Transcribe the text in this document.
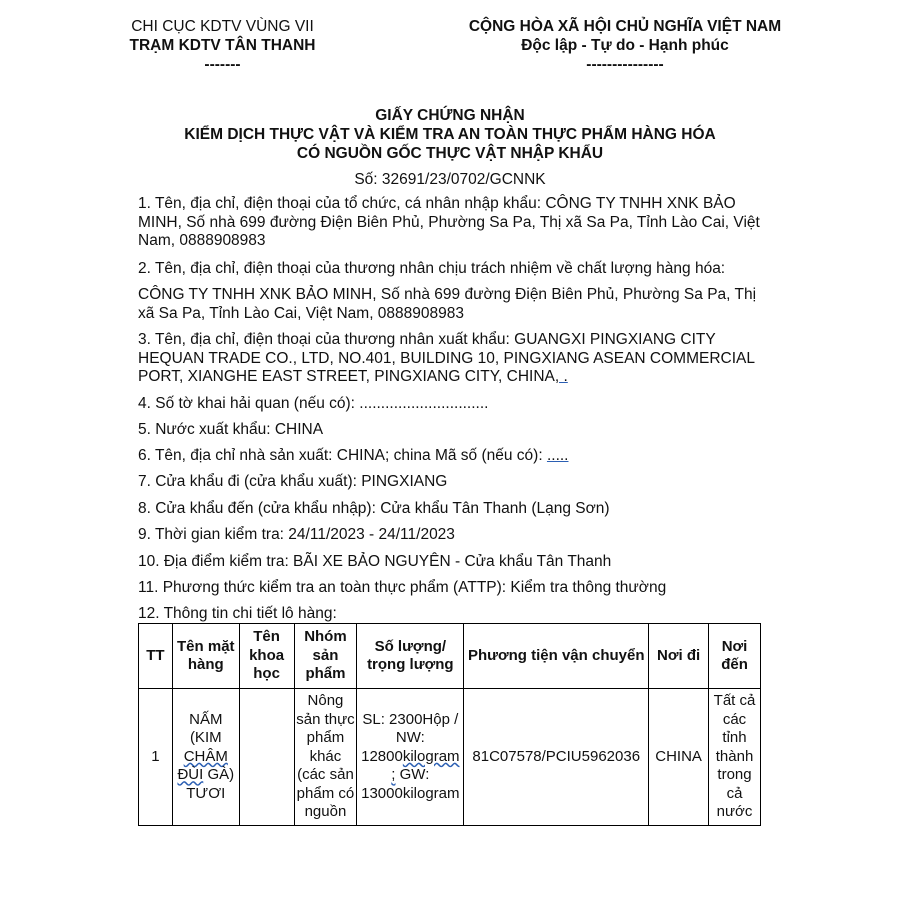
CHI CỤC KDTV VÙNG VII
TRẠM KDTV TÂN THANH
-------
CỘNG HÒA XÃ HỘI CHỦ NGHĨA VIỆT NAM
Độc lập - Tự do - Hạnh phúc
---------------
GIẤY CHỨNG NHẬN
KIỂM DỊCH THỰC VẬT VÀ KIỂM TRA AN TOÀN THỰC PHẨM HÀNG HÓA
CÓ NGUỒN GỐC THỰC VẬT NHẬP KHẨU
Số: 32691/23/0702/GCNNK
1. Tên, địa chỉ, điện thoại của tổ chức, cá nhân nhập khẩu: CÔNG TY TNHH XNK BẢO MINH, Số nhà 699 đường Điện Biên Phủ, Phường Sa Pa, Thị xã Sa Pa, Tỉnh Lào Cai, Việt Nam, 0888908983
2. Tên, địa chỉ, điện thoại của thương nhân chịu trách nhiệm về chất lượng hàng hóa:
CÔNG TY TNHH XNK BẢO MINH, Số nhà 699 đường Điện Biên Phủ, Phường Sa Pa, Thị xã Sa Pa, Tỉnh Lào Cai, Việt Nam, 0888908983
3. Tên, địa chỉ, điện thoại của thương nhân xuất khẩu: GUANGXI PINGXIANG CITY HEQUAN TRADE CO., LTD, NO.401, BUILDING 10, PINGXIANG ASEAN COMMERCIAL PORT, XIANGHE EAST STREET, PINGXIANG CITY, CHINA, .
4. Số tờ khai hải quan (nếu có): ..............................
5. Nước xuất khẩu: CHINA
6. Tên, địa chỉ nhà sản xuất: CHINA; china Mã số (nếu có): .....
7. Cửa khẩu đi (cửa khẩu xuất): PINGXIANG
8. Cửa khẩu đến (cửa khẩu nhập): Cửa khẩu Tân Thanh (Lạng Sơn)
9. Thời gian kiểm tra: 24/11/2023 - 24/11/2023
10. Địa điểm kiểm tra: BÃI XE BẢO NGUYÊN - Cửa khẩu Tân Thanh
11. Phương thức kiểm tra an toàn thực phẩm (ATTP): Kiểm tra thông thường
12. Thông tin chi tiết lô hàng:
TT	Tên mặt hàng	Tên khoa học	Nhóm sản phẩm	Số lượng/ trọng lượng	Phương tiện vận chuyển	Nơi đi	Nơi đến
1	NẤM (KIM CHÂM ĐÙI GÀ) TƯƠI		Nông sản thực phẩm khác (các sản phẩm có nguồn	SL: 2300Hộp / NW: 12800kilogram ; GW: 13000kilogram	81C07578/PCIU5962036	CHINA	Tất cả các tỉnh thành trong cả nước
